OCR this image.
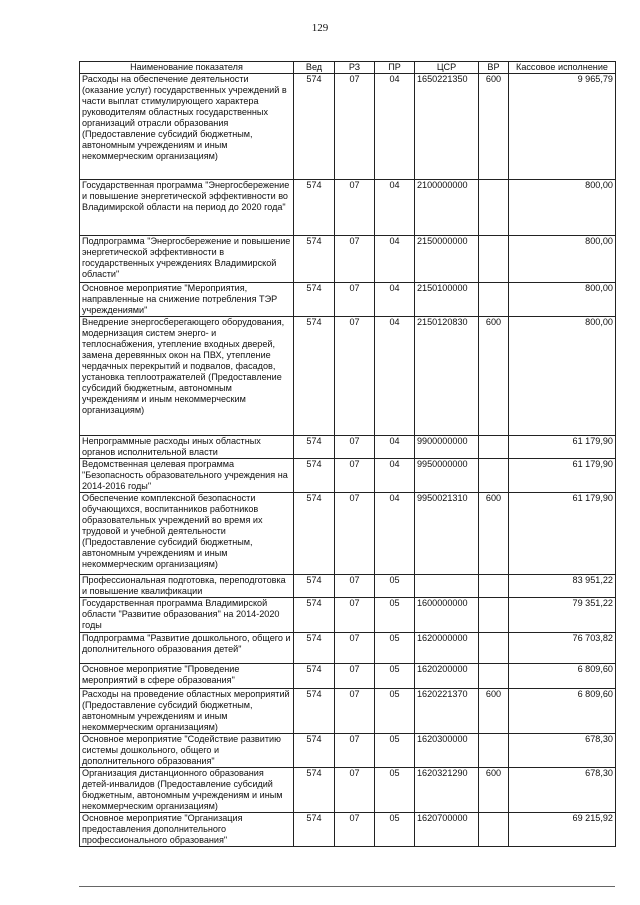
129
Наименование показателя	Вед	РЗ	ПР	ЦСР	ВР	Кассовое исполнение
Расходы на обеспечение деятельности (оказание услуг) государственных учреждений в части выплат стимулирующего характера руководителям областных государственных организаций отрасли образования (Предоставление субсидий бюджетным, автономным учреждениям и иным некоммерческим организациям)	574	07	04	1650221350	600	9 965,79
Государственная программа "Энергосбережение и повышение энергетической эффективности во Владимирской области на период до 2020 года"	574	07	04	2100000000		800,00
Подпрограмма "Энергосбережение и повышение энергетической эффективности в государственных учреждениях Владимирской области"	574	07	04	2150000000		800,00
Основное мероприятие "Мероприятия, направленные на снижение потребления ТЭР учреждениями"	574	07	04	2150100000		800,00
Внедрение энергосберегающего оборудования, модернизация систем энерго- и теплоснабжения, утепление входных дверей, замена деревянных окон на ПВХ, утепление чердачных перекрытий и подвалов, фасадов, установка теплоотражателей (Предоставление субсидий бюджетным, автономным учреждениям и иным некоммерческим организациям)	574	07	04	2150120830	600	800,00
Непрограммные расходы иных областных органов исполнительной власти	574	07	04	9900000000		61 179,90
Ведомственная целевая программа "Безопасность образовательного учреждения на 2014-2016 годы"	574	07	04	9950000000		61 179,90
Обеспечение комплексной безопасности обучающихся, воспитанников работников образовательных учреждений во время их трудовой и учебной деятельности (Предоставление субсидий бюджетным, автономным учреждениям и иным некоммерческим организациям)	574	07	04	9950021310	600	61 179,90
Профессиональная подготовка, переподготовка и повышение квалификации	574	07	05			83 951,22
Государственная программа Владимирской области "Развитие образования" на 2014-2020 годы	574	07	05	1600000000		79 351,22
Подпрограмма "Развитие дошкольного, общего и дополнительного образования детей"	574	07	05	1620000000		76 703,82
Основное мероприятие "Проведение мероприятий в сфере образования"	574	07	05	1620200000		6 809,60
Расходы на проведение областных мероприятий (Предоставление субсидий бюджетным, автономным учреждениям и иным некоммерческим организациям)	574	07	05	1620221370	600	6 809,60
Основное мероприятие "Содействие развитию системы дошкольного, общего и дополнительного образования"	574	07	05	1620300000		678,30
Организация дистанционного образования детей-инвалидов (Предоставление субсидий бюджетным, автономным учреждениям и иным некоммерческим организациям)	574	07	05	1620321290	600	678,30
Основное мероприятие "Организация предоставления дополнительного профессионального образования"	574	07	05	1620700000		69 215,92
